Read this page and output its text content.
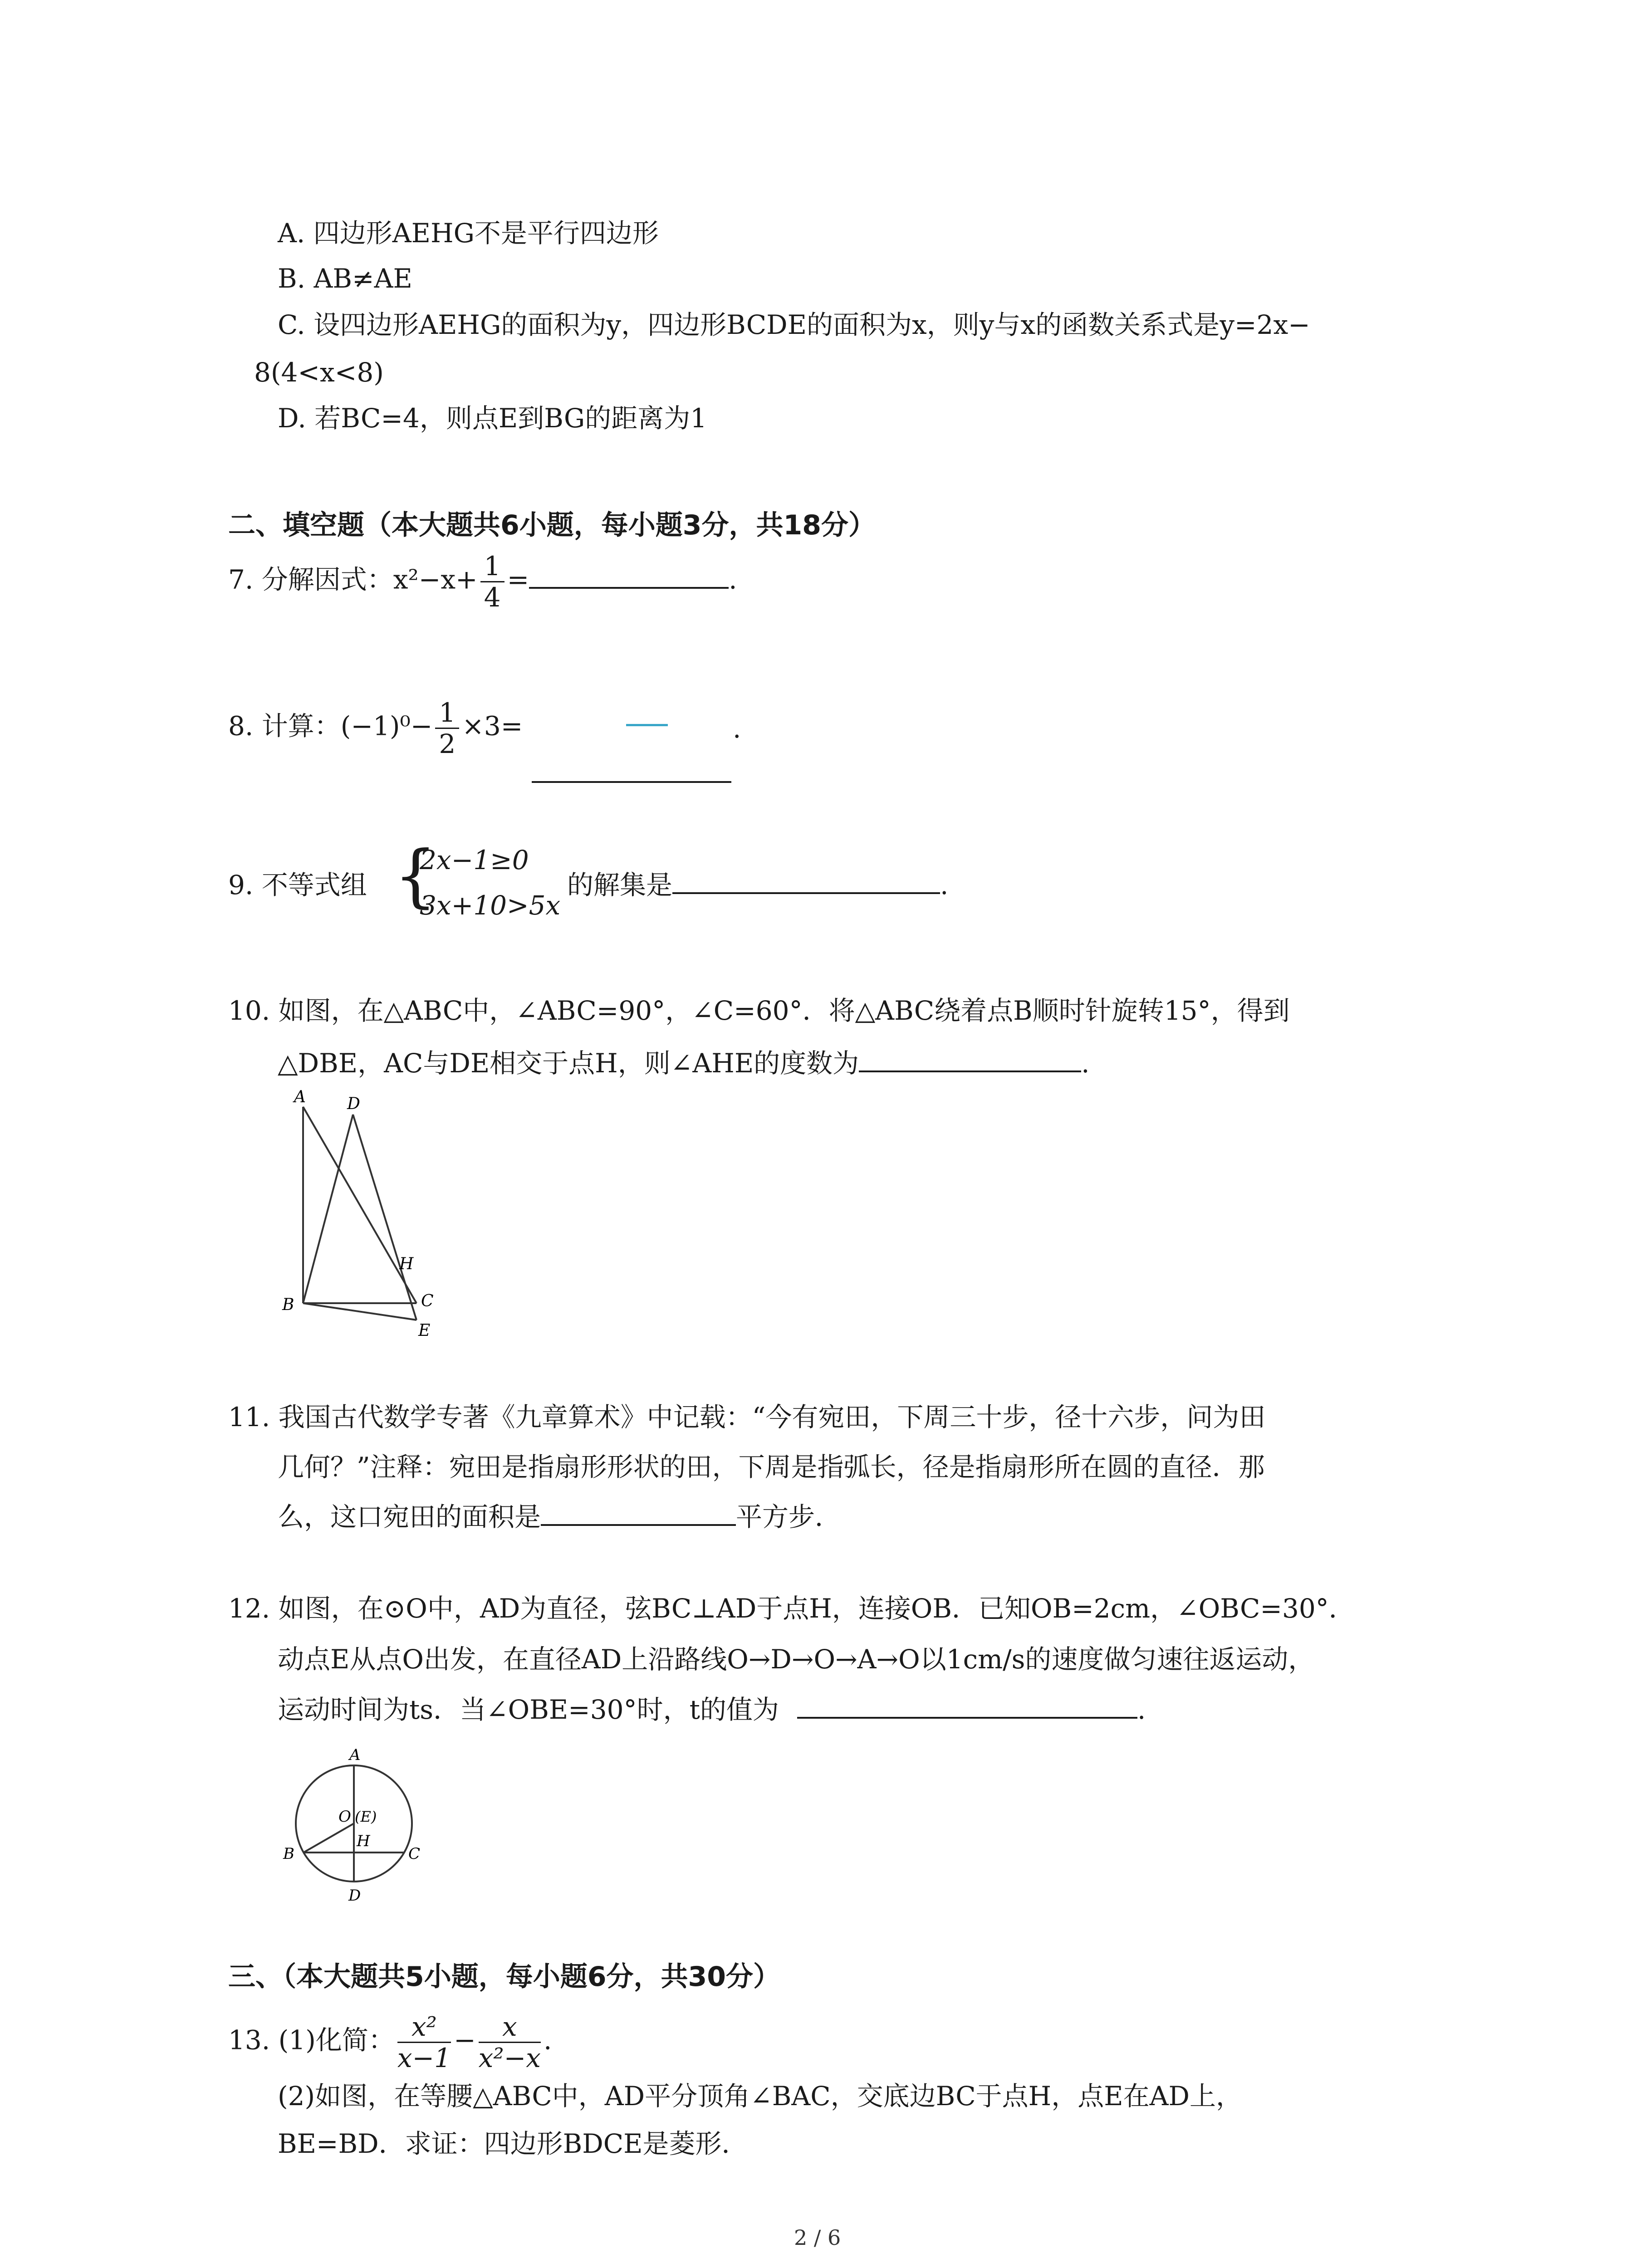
A. 四边形AEHG不是平行四边形
B. AB≠AE
C. 设四边形AEHG的面积为y，四边形BCDE的面积为x，则y与x的函数关系式是y=2x−
8(4<x<8)
D. 若BC=4，则点E到BG的距离为1
二、填空题（本大题共6小题，每小题3分，共18分）
7. 分解因式：$x^2-x+ \frac{1}{4}$ =	.
8. 计算：$(-1)^0- \frac{1}{2} \times 3=$	.
9. 不等式组 {
2x−1≥0
3x+10>5x
的解集是	.
10. 如图，在△ABC中，∠ABC=90°，∠C=60°．将△ABC绕着点B顺时针旋转15°，得到
△DBE，AC与DE相交于点H，则∠AHE的度数为	.
A	D
H
B	C
E
11. 我国古代数学专著《九章算术》中记载：“今有宛田，下周三十步，径十六步，问为田
几何？”注释：宛田是指扇形形状的田，下周是指弧长，径是指扇形所在圆的直径．那
么，这口宛田的面积是	平方步．
12. 如图，在⊙O中，AD为直径，弦BC⊥AD于点H，连接OB．已知OB=2cm，∠OBC=30°．
动点E从点O出发，在直径AD上沿路线O→D→O→A→O以1cm/s的速度做匀速往返运动，
运动时间为ts．当∠OBE=30°时，t的值为	.
A
O (E)
H
B	C
D
三、（本大题共5小题，每小题6分，共30分）
13. (1)化简： $\frac{\text{x²}}{x-1} - \frac{x}{\text{x²−x}}$ .
(2)如图，在等腰△ABC中，AD平分顶角∠BAC，交底边BC于点H，点E在AD上，
BE=BD．求证：四边形BDCE是菱形．
2 / 6
